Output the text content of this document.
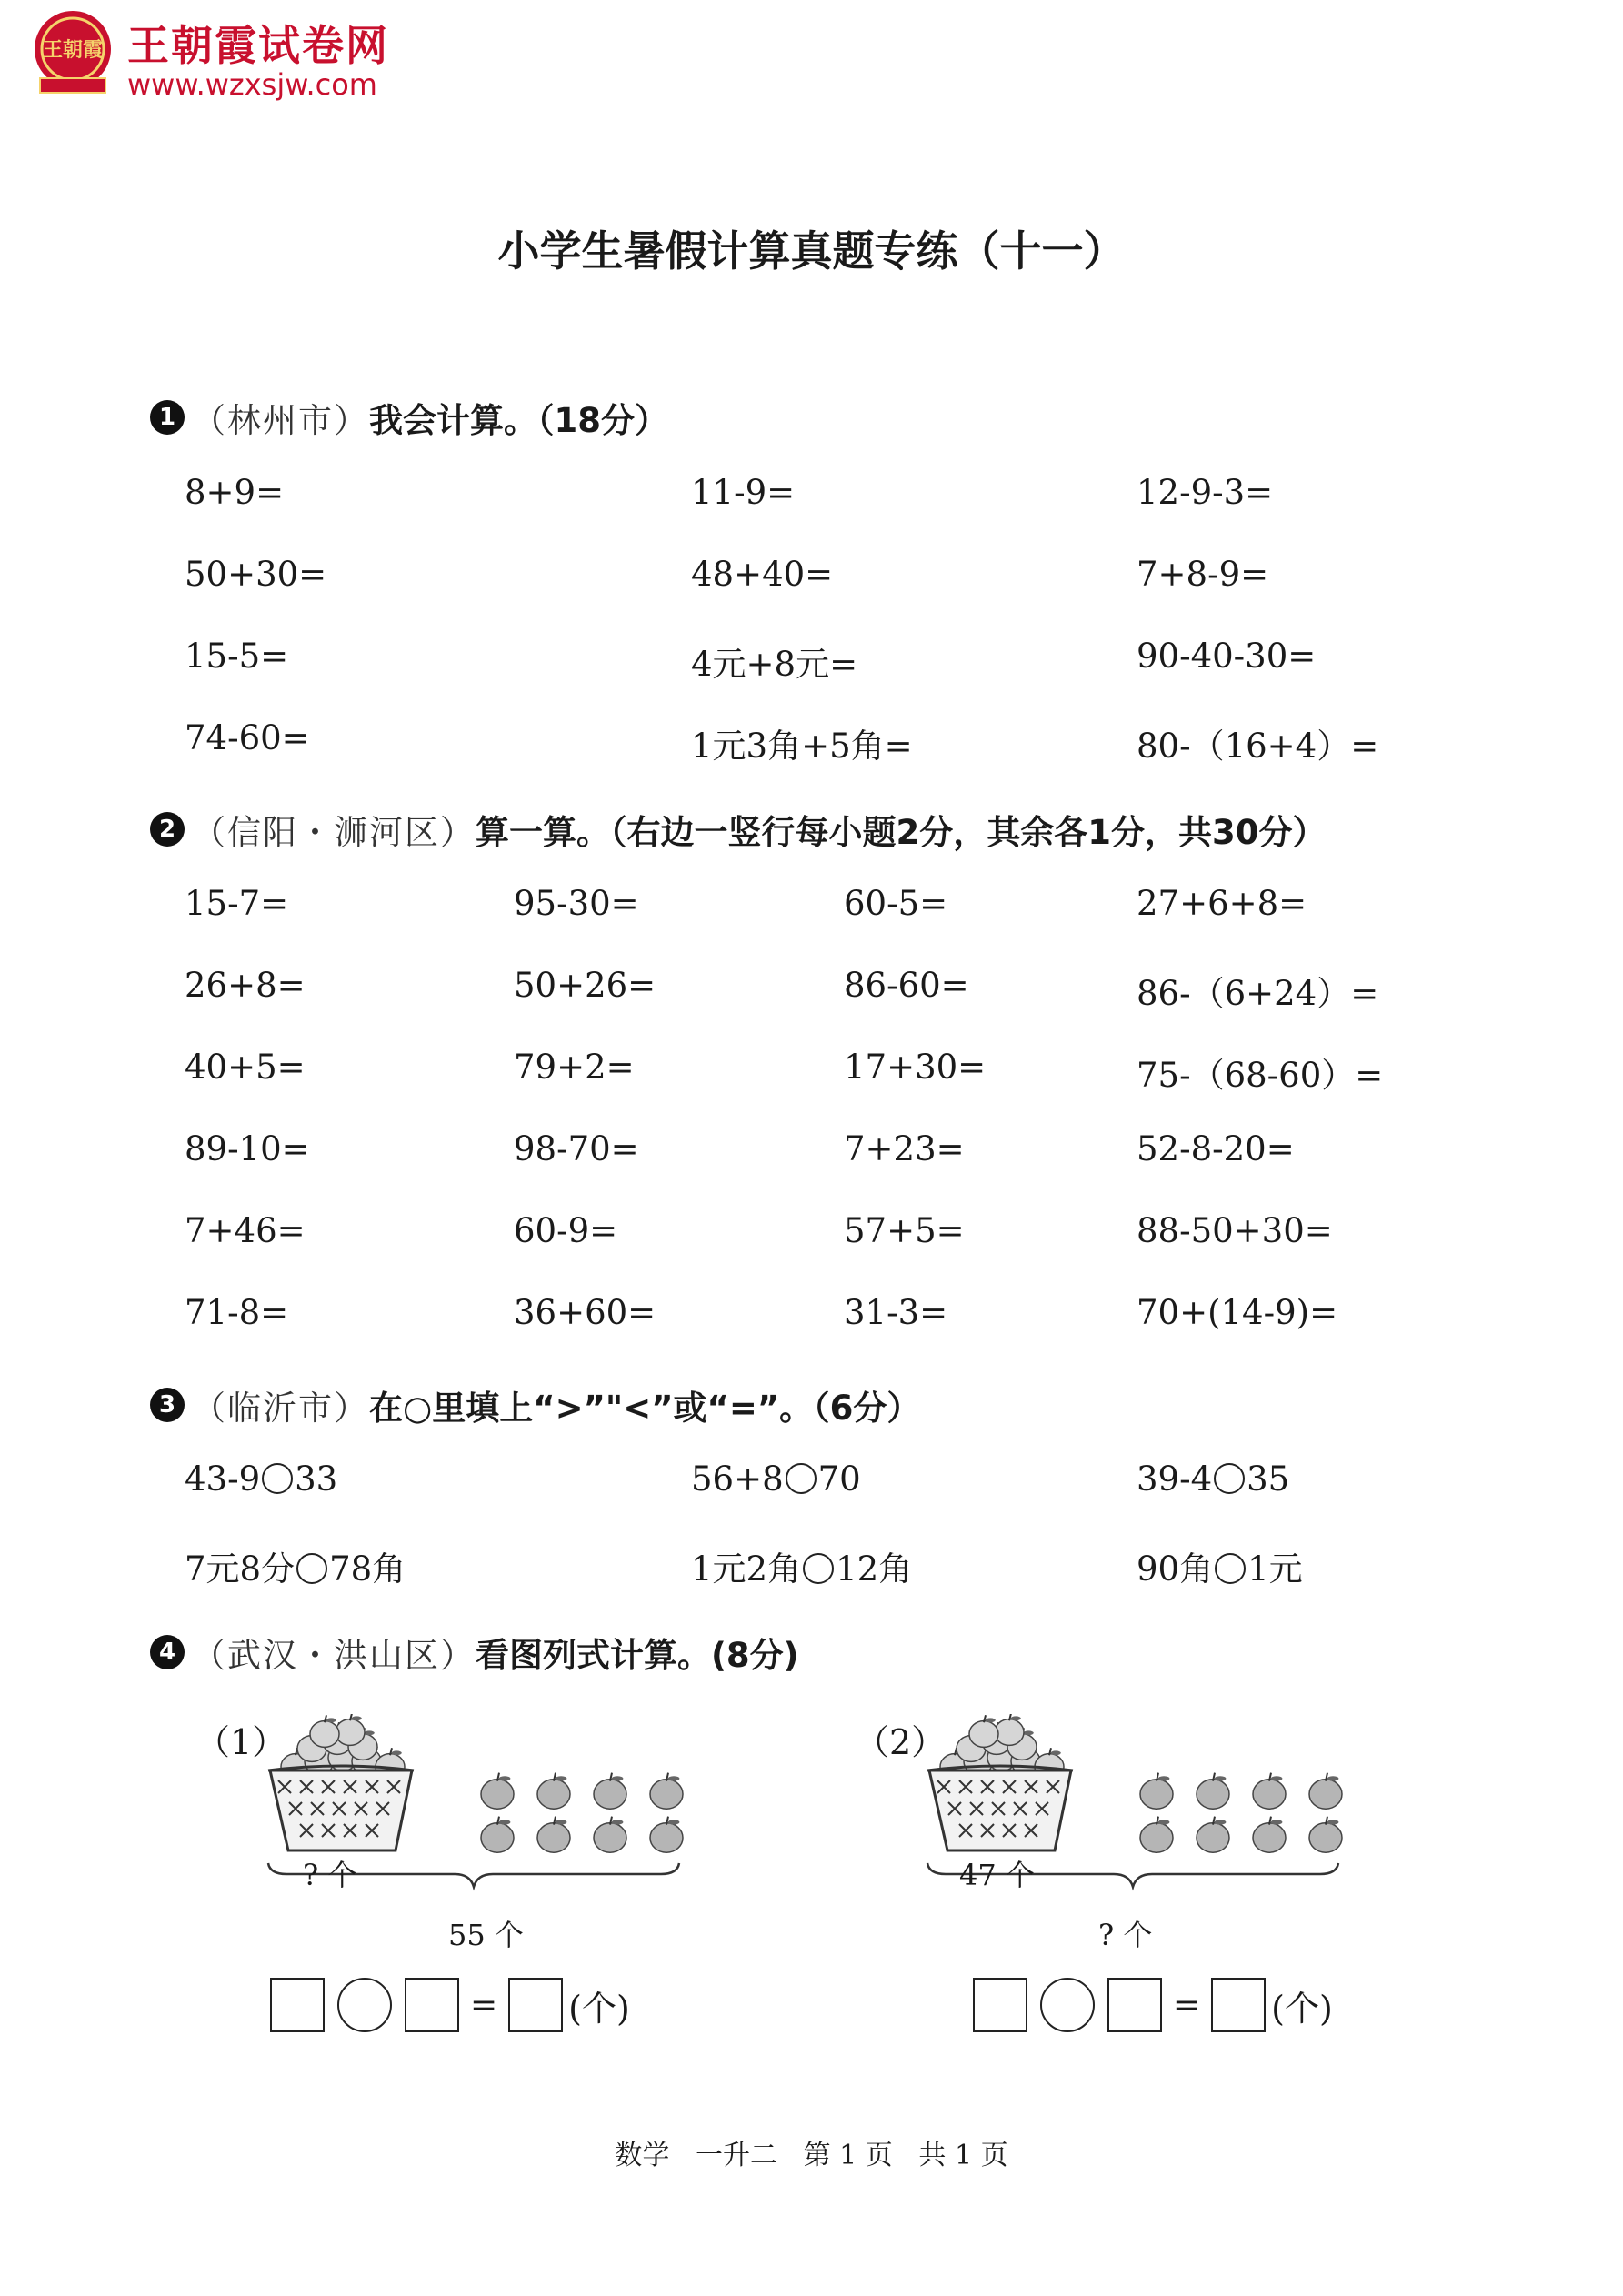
王朝霞 王朝霞试卷网
www.wzxsjw.com
小学生暑假计算真题专练（十一）
1 （林州市） 我会计算。（18分）
8+9=	11-9=	12-9-3=
50+30=	48+40=	7+8-9=
15-5=	4元+8元=	90-40-30=
74-60=	1元3角+5角=	80-（16+4）=
2 （信阳・浉河区） 算一算。（右边一竖行每小题2分，其余各1分，共30分）
15-7=	95-30=	60-5=	27+6+8=
26+8=	50+26=	86-60=	86-（6+24）=
40+5=	79+2=	17+30=	75-（68-60）=
89-10=	98-70=	7+23=	52-8-20=
7+46=	60-9=	57+5=	88-50+30=
71-8=	36+60=	31-3=	70+(14-9)=
3 （临沂市） 在○里填上“>”"<”或“=”。（6分）
43-9 33	56+8 70	39-4 35
7元8分 78角	1元2角 12角	90角 1元
4 （武汉・洪山区） 看图列式计算。(8分)
（1）
? 个
55 个
= (个)
（2）
47 个
? 个
= (个)
数学   一升二   第 1 页   共 1 页
